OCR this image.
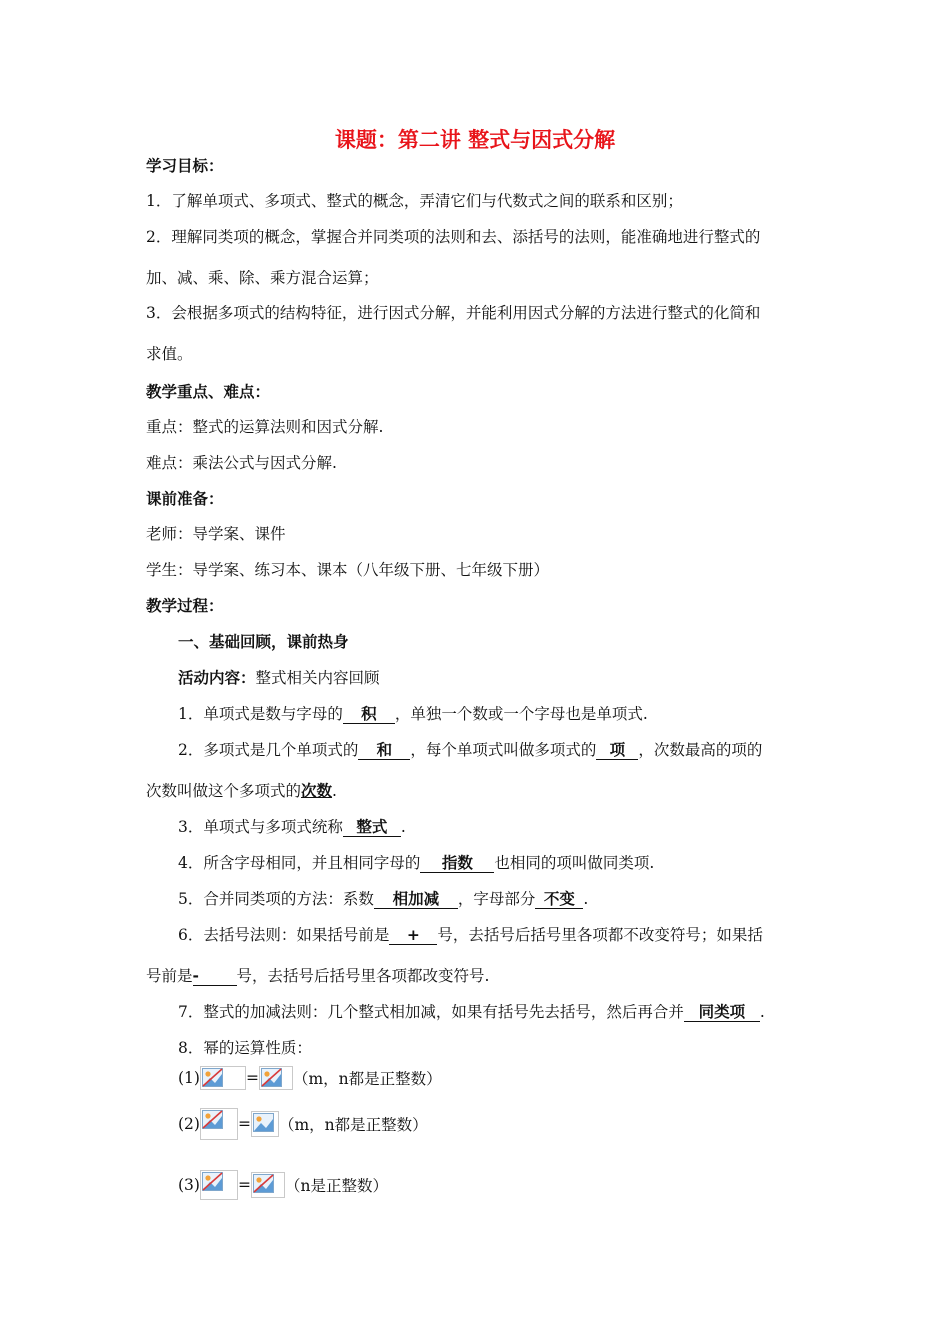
课题：第二讲 整式与因式分解
学习目标：
1．了解单项式、多项式、整式的概念，弄清它们与代数式之间的联系和区别；
2．理解同类项的概念，掌握合并同类项的法则和去、添括号的法则，能准确地进行整式的
加、减、乘、除、乘方混合运算；
3．会根据多项式的结构特征，进行因式分解，并能利用因式分解的方法进行整式的化简和
求值。
教学重点、难点：
重点：整式的运算法则和因式分解.
难点：乘法公式与因式分解.
课前准备：
老师：导学案、课件
学生：导学案、练习本、课本（八年级下册、七年级下册）
教学过程：
一、基础回顾，课前热身
活动内容：整式相关内容回顾
1．单项式是数与字母的 积 ，单独一个数或一个字母也是单项式.
2．多项式是几个单项式的 和 ，每个单项式叫做多项式的 项 ，次数最高的项的
次数叫做这个多项式的次数.
3．单项式与多项式统称 整式 .
4．所含字母相同，并且相同字母的 指数 也相同的项叫做同类项.
5．合并同类项的方法：系数 相加减 ，字母部分 不变 .
6．去括号法则：如果括号前是 + 号，去括号后括号里各项都不改变符号；如果括
号前是- 号，去括号后括号里各项都改变符号.
7．整式的加减法则：几个整式相加减，如果有括号先去括号，然后再合并 同类项 .
8．幂的运算性质：
(1)	= （m，n都是正整数）
(2) = （m，n都是正整数）
(3) = （n是正整数）
